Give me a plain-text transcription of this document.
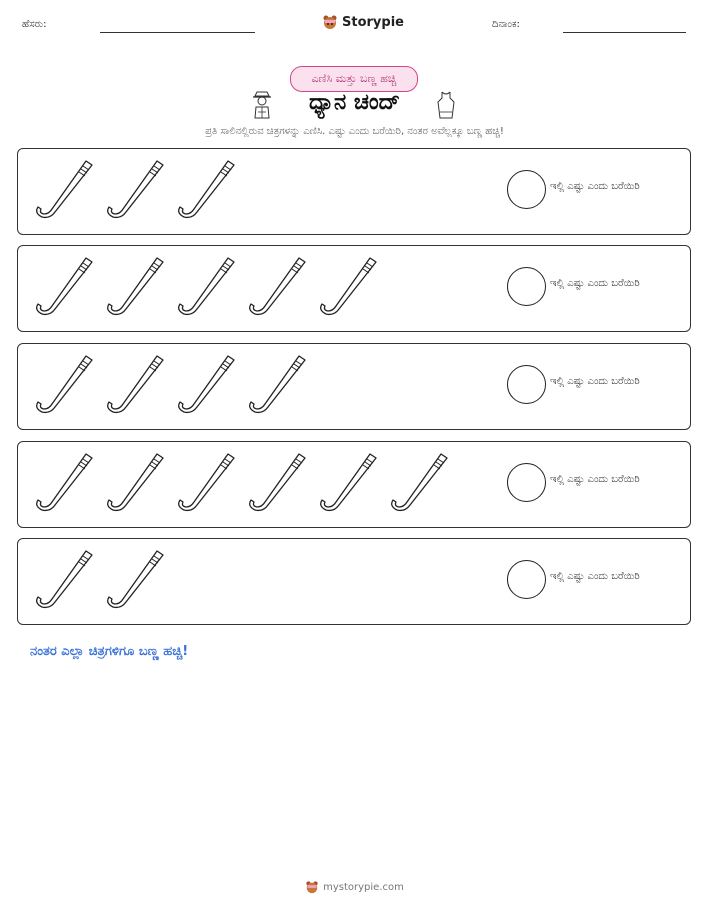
ಹೆಸರು:	Storypie	ದಿನಾಂಕ:
ಎಣಿಸಿ ಮತ್ತು ಬಣ್ಣ ಹಚ್ಚಿ
ಧ್ಯಾನ ಚಂದ್
ಪ್ರತಿ ಸಾಲಿನಲ್ಲಿರುವ ಚಿತ್ರಗಳನ್ನು ಎಣಿಸಿ. ಎಷ್ಟು ಎಂದು ಬರೆಯಿರಿ, ನಂತರ ಅವೆಲ್ಲಕ್ಕೂ ಬಣ್ಣ ಹಚ್ಚಿ!
ಇಲ್ಲಿ ಎಷ್ಟು ಎಂದು ಬರೆಯಿರಿ
ಇಲ್ಲಿ ಎಷ್ಟು ಎಂದು ಬರೆಯಿರಿ
ಇಲ್ಲಿ ಎಷ್ಟು ಎಂದು ಬರೆಯಿರಿ
ಇಲ್ಲಿ ಎಷ್ಟು ಎಂದು ಬರೆಯಿರಿ
ಇಲ್ಲಿ ಎಷ್ಟು ಎಂದು ಬರೆಯಿರಿ
ನಂತರ ಎಲ್ಲಾ ಚಿತ್ರಗಳಿಗೂ ಬಣ್ಣ ಹಚ್ಚಿ!
mystorypie.com
